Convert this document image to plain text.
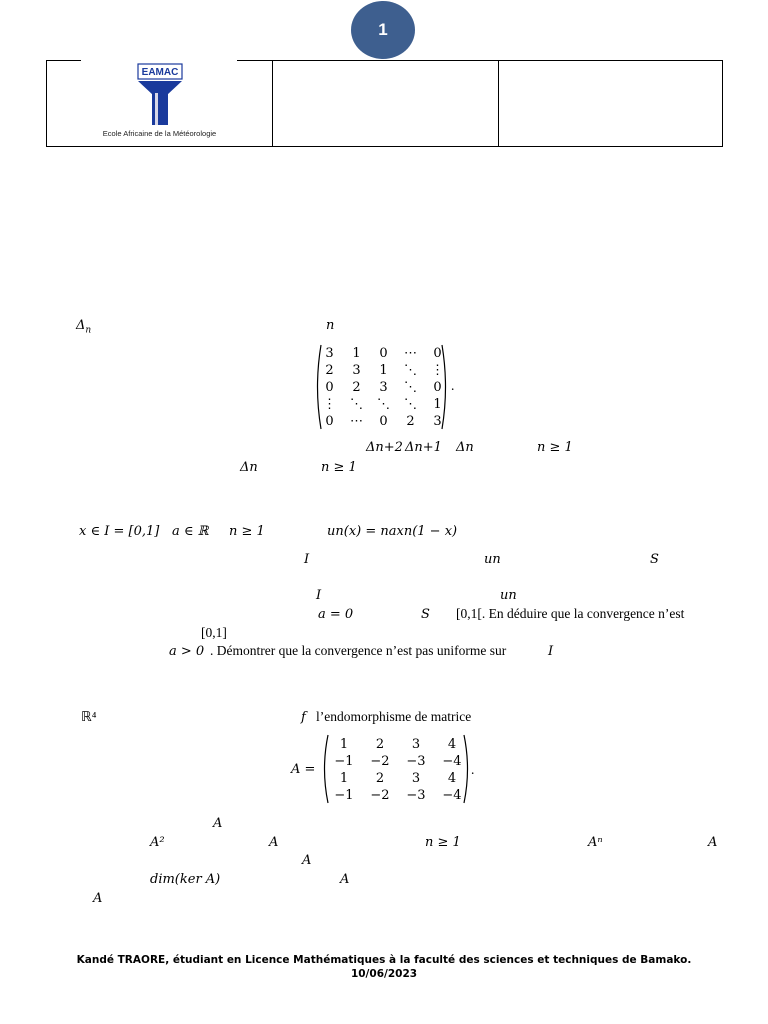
1
EAMAC
Ecole Africaine de la Météorologie
$\Delta_n$	n
3	1	0	⋯	0
2	3	1	⋱	⋮
0	2	3	⋱	0
⋮	⋱	⋱	⋱	1
0	⋯	0	2	3
.
Δn+2 Δn+1 Δn	n ≥ 1
Δn	n ≥ 1
x ∈ I = [0,1] a ∈ ℝ n ≥ 1	un(x) = naxn(1 − x)
I	un	S
I	un
a = 0	S [0,1[. En déduire que la convergence n’est
[0,1]
a > 0 . Démontrer que la convergence n’est pas uniforme sur	I
ℝ⁴	f l’endomorphisme de matrice
A =
1	2	3	4
−1	−2	−3	−4
1	2	3	4
−1	−2	−3	−4
.
A
A²	A	n ≥ 1	Aⁿ	A
A
dim(ker A)	A
A
Kandé TRAORE, étudiant en Licence Mathématiques à la faculté des sciences et techniques de Bamako.
10/06/2023
